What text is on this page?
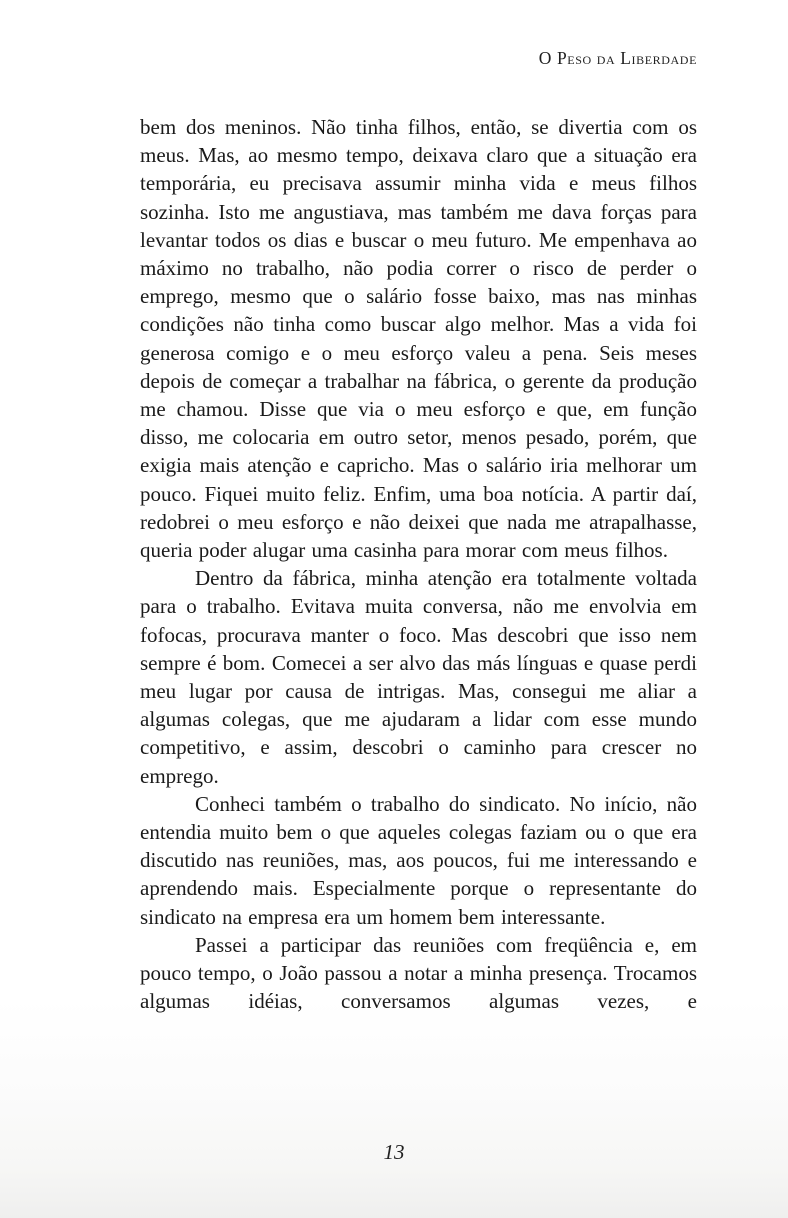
O Peso da Liberdade

bem dos meninos. Não tinha filhos, então, se divertia com os meus. Mas, ao mesmo tempo, deixava claro que a situação era temporária, eu precisava assumir minha vida e meus filhos sozinha. Isto me angustiava, mas também me dava forças para levantar todos os dias e buscar o meu futuro. Me empenhava ao máximo no trabalho, não podia correr o risco de perder o emprego, mesmo que o salário fosse baixo, mas nas minhas condições não tinha como buscar algo melhor. Mas a vida foi generosa comigo e o meu esforço valeu a pena. Seis meses depois de começar a trabalhar na fábrica, o gerente da produção me chamou. Disse que via o meu esforço e que, em função disso, me colocaria em outro setor, menos pesado, porém, que exigia mais atenção e capricho. Mas o salário iria melhorar um pouco. Fiquei muito feliz. Enfim, uma boa notícia. A partir daí, redobrei o meu esforço e não deixei que nada me atrapalhasse, queria poder alugar uma casinha para morar com meus filhos.

Dentro da fábrica, minha atenção era totalmente voltada para o trabalho. Evitava muita conversa, não me envolvia em fofocas, procurava manter o foco. Mas descobri que isso nem sempre é bom. Comecei a ser alvo das más línguas e quase perdi meu lugar por causa de intrigas. Mas, consegui me aliar a algumas colegas, que me ajudaram a lidar com esse mundo competitivo, e assim, descobri o caminho para crescer no emprego.

Conheci também o trabalho do sindicato. No início, não entendia muito bem o que aqueles colegas faziam ou o que era discutido nas reuniões, mas, aos poucos, fui me interessando e aprendendo mais. Especialmente porque o representante do sindicato na empresa era um homem bem interessante.

Passei a participar das reuniões com freqüência e, em pouco tempo, o João passou a notar a minha presença. Trocamos algumas idéias, conversamos algumas vezes, e

13
